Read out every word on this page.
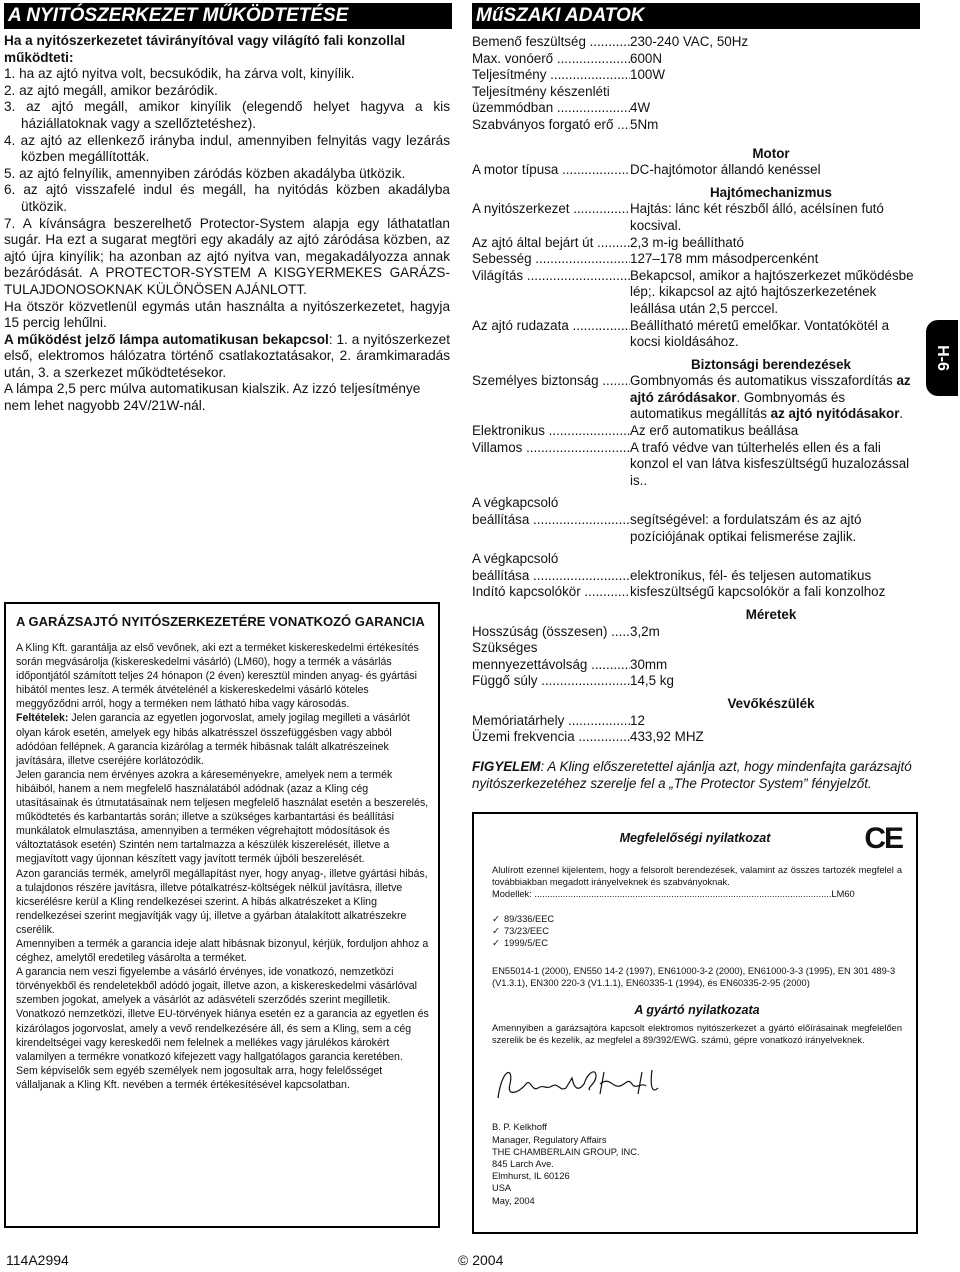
A NYITÓSZERKEZET MŰKÖDTETÉSE

Ha a nyitószerkezetet távirányítóval vagy világító fali konzollal működteti:

1. ha az ajtó nyitva volt, becsukódik, ha zárva volt, kinyílik.

2. az ajtó megáll, amikor bezáródik.

3. az ajtó megáll, amikor kinyílik (elegendő helyet hagyva a kis háziállatoknak vagy a szellőztetéshez).

4. az ajtó az ellenkező irányba indul, amennyiben felnyitás vagy lezárás közben megállították.

5. az ajtó felnyílik, amennyiben záródás közben akadályba ütközik.

6. az ajtó visszafelé indul és megáll, ha nyitódás közben akadályba ütközik.

7. A kívánságra beszerelhető Protector-System alapja egy láthatatlan sugár. Ha ezt a sugarat megtöri egy akadály az ajtó záródása közben, az ajtó újra kinyílik; ha azonban az ajtó nyitva van, megakadályozza annak bezáródását. A PROTECTOR-SYSTEM A KISGYERMEKES GARÁZS-TULAJDONOSOKNAK KÜLÖNÖSEN AJÁNLOTT.

Ha ötször közvetlenül egymás után használta a nyitószerkezetet, hagyja 15 percig lehűlni.

A működést jelző lámpa automatikusan bekapcsol: 1. a nyitószerkezet első, elektromos hálózatra történő csatlakoztatásakor, 2. áramkimaradás után, 3. a szerkezet működtetésekor.

A lámpa 2,5 perc múlva automatikusan kialszik. Az izzó teljesítménye nem lehet nagyobb 24V/21W-nál.

A GARÁZSAJTÓ NYITÓSZERKEZETÉRE VONATKOZÓ GARANCIA

A Kling Kft. garantálja az első vevőnek, aki ezt a terméket kiskereskedelmi értékesítés során megvásárolja (kiskereskedelmi vásárló) (LM60), hogy a termék a vásárlás időpontjától számított teljes 24 hónapon (2 éven) keresztül minden anyag- és gyártási hibától mentes lesz. A termék átvételénél a kiskereskedelmi vásárló köteles meggyőződni arról, hogy a terméken nem látható hiba vagy károsodás.

Feltételek: Jelen garancia az egyetlen jogorvoslat, amely jogilag megilleti a vásárlót olyan károk esetén, amelyek egy hibás alkatrésszel összefüggésben vagy abból adódóan fellépnek. A garancia kizárólag a termék hibásnak talált alkatrészeinek javítására, illetve cseréjére korlátozódik.

Jelen garancia nem érvényes azokra a káreseményekre, amelyek nem a termék hibáiból, hanem a nem megfelelő használatából adódnak (azaz a Kling cég utasításainak és útmutatásainak nem teljesen megfelelő használat esetén a beszerelés, működtetés és karbantartás során; illetve a szükséges karbantartási és beállítási munkálatok elmulasztása, amennyiben a terméken végrehajtott módosítások és változtatások esetén) Szintén nem tartalmazza a készülék kiszerelését, illetve a megjavított vagy újonnan készített vagy javított termék újbóli beszerelését.

Azon garanciás termék, amelyről megállapítást nyer, hogy anyag-, illetve gyártási hibás, a tulajdonos részére javításra, illetve pótalkatrész-költségek nélkül javításra, illetve kicserélésre kerül a Kling rendelkezései szerint. A hibás alkatrészeket a Kling rendelkezései szerint megjavítják vagy új, illetve a gyárban átalakított alkatrészekre cserélik.

Amennyiben a termék a garancia ideje alatt hibásnak bizonyul, kérjük, forduljon ahhoz a céghez, amelytől eredetileg vásárolta a terméket.

A garancia nem veszi figyelembe a vásárló érvényes, ide vonatkozó, nemzetközi törvényekből és rendeletekből adódó jogait, illetve azon, a kiskereskedelmi vásárlóval szemben jogokat, amelyek a vásárlót az adásvételi szerződés szerint megilletik. Vonatkozó nemzetközi, illetve EU-törvények hiánya esetén ez a garancia az egyetlen és kizárólagos jogorvoslat, amely a vevő rendelkezésére áll, és sem a Kling, sem a cég kirendeltségei vagy kereskedői nem felelnek a mellékes vagy járulékos károkért valamilyen a termékre vonatkozó kifejezett vagy hallgatólagos garancia keretében.

Sem képviselők sem egyéb személyek nem jogosultak arra, hogy felelősséget vállaljanak a Kling Kft. nevében a termék értékesítésével kapcsolatban.

MűSZAKI ADATOK
Bemenő feszültség .....	230-240 VAC, 50Hz
Max. vonóerő .....	600N
Teljesítmény .....	100W
Teljesítmény készenléti
üzemmódban .....	4W
Szabványos forgató erő .....	5Nm
Motor
A motor típusa .....	DC-hajtómotor állandó kenéssel
Hajtómechanizmus
A nyitószerkezet .....	Hajtás: lánc két részből álló, acélsínen futó kocsival.
Az ajtó által bejárt út .....	2,3 m-ig beállítható
Sebesség .....	127–178 mm másodpercenként
Világítás .....	Bekapcsol, amikor a hajtószerkezet működésbe lép;. kikapcsol az ajtó hajtószerkezetének leállása után 2,5 perccel.
Az ajtó rudazata .....	Beállítható méretű emelőkar. Vontatókötél a kocsi kioldásához.
Biztonsági berendezések
Személyes biztonság .....	Gombnyomás és automatikus visszafordítás az ajtó záródásakor. Gombnyomás és automatikus megállítás az ajtó nyitódásakor.
Elektronikus .....	Az erő automatikus beállása
Villamos .....	A trafó védve van túlterhelés ellen és a fali konzol el van látva kisfeszültségű huzalozással is..
A végkapcsoló
beállítása .....	segítségével: a fordulatszám és az ajtó pozíciójának optikai felismerése zajlik.
A végkapcsoló
beállítása .....	elektronikus, fél- és teljesen automatikus
Indító kapcsolókör .....	kisfeszültségű kapcsolókör a fali konzolhoz
Méretek
Hosszúság (összesen) .....	3,2m
Szükséges
mennyezettávolság .....	30mm
Függő súly .....	14,5 kg
Vevőkészülék
Memóriatárhely .....	12
Üzemi frekvencia .....	433,92 MHZ
FIGYELEM: A Kling előszeretettel ajánlja azt, hogy mindenfajta garázsajtó nyitószerkezetéhez szerelje fel a „The Protector System” fényjelzőt.
Megfelelőségi nyilatkozat	CE

Alulírott ezennel kijelentem, hogy a felsorolt berendezések, valamint az összes tartozék megfelel a továbbiakban megadott irányelveknek és szabványoknak.

Modellek: ...................................................................................................................LM60

✓ 89/336/EEC

✓ 73/23/EEC

✓ 1999/5/EC

EN55014-1 (2000), EN550 14-2 (1997), EN61000-3-2 (2000), EN61000-3-3 (1995), EN 301 489-3 (V1.3.1), EN300 220-3 (V1.1.1), EN60335-1 (1994), és EN60335-2-95 (2000)

A gyártó nyilatkozata

Amennyiben a garázsajtóra kapcsolt elektromos nyitószerkezet a gyártó előírásainak megfelelően szerelik be és kezelik, az megfelel a 89/392/EWG. számú, gépre vonatkozó irányelveknek.

B. P. Kelkhoff

Manager, Regulatory Affairs

THE CHAMBERLAIN GROUP, INC.

845 Larch Ave.

Elmhurst, IL 60126

USA

May, 2004

H-6
114A2994	© 2004
